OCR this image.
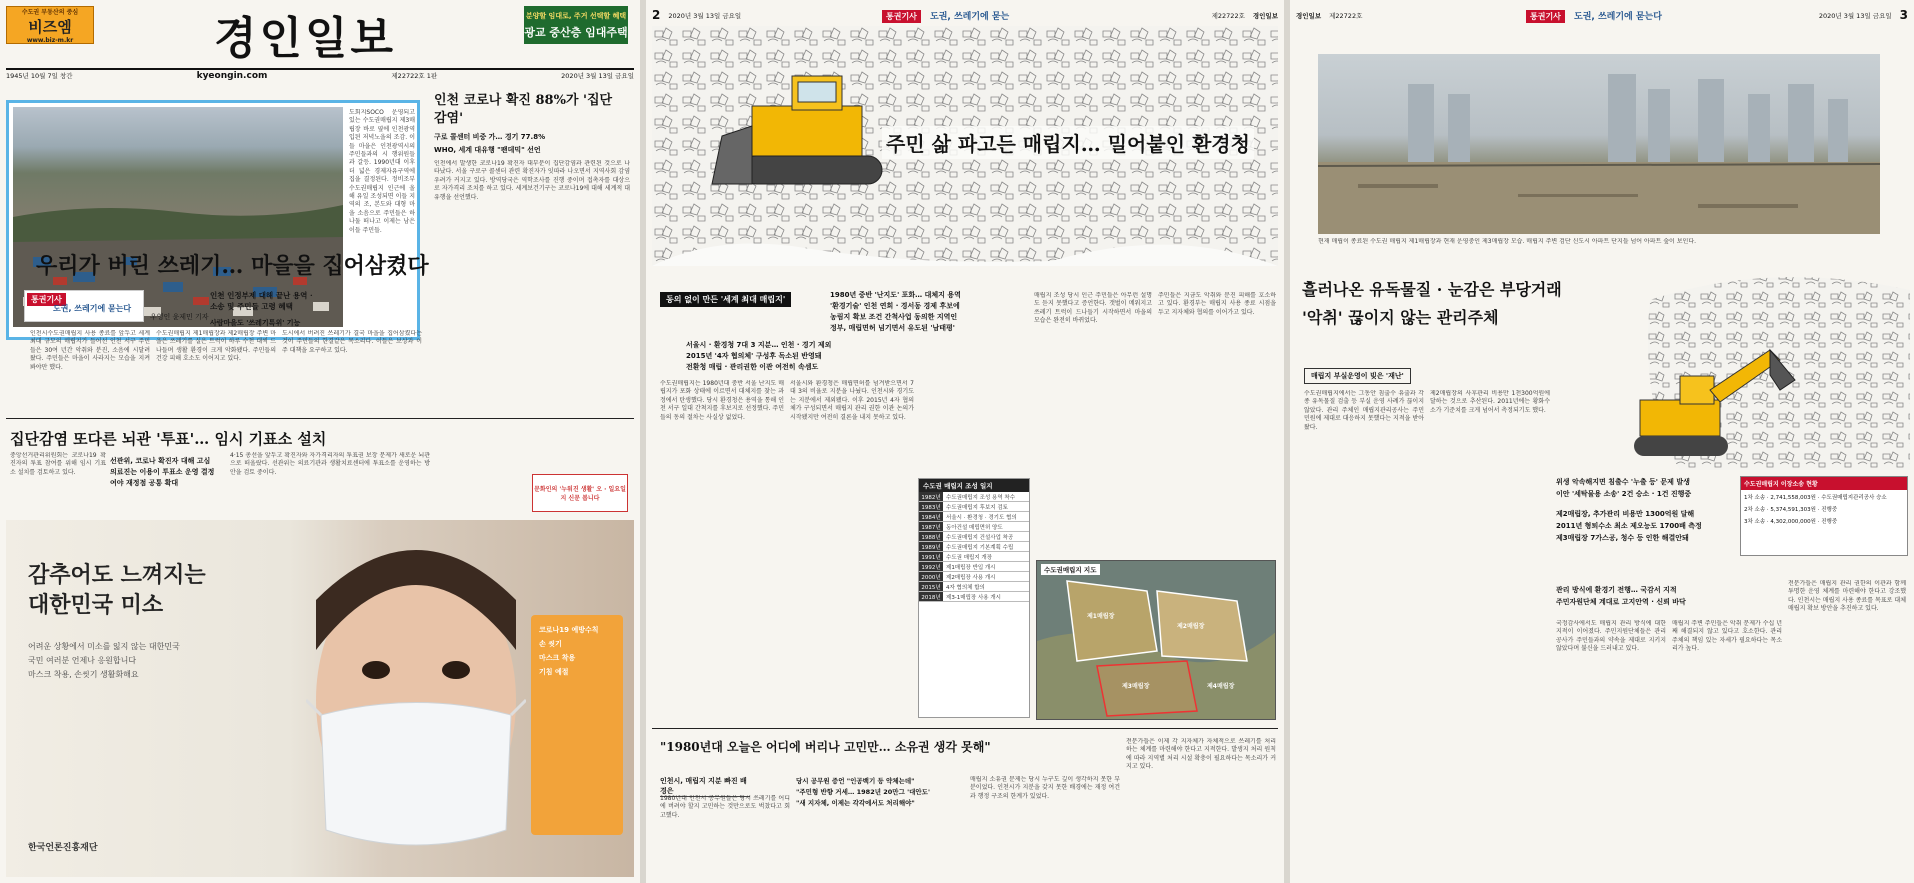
수도권 부동산의 중심
비즈엠
www.biz-m.kr	경인일보	분양할 임대로, 주거 선택할 혜택
광교 중산층 임대주택
1945년 10월 7일 창간	kyeongin.com	제22722호 1판	2020년 3월 13일 금요일
도회지SOCO 운영되고 있는 수도권매립지 제3매립장 바로 옆에 인천광역 입된 저녁노을의 조감. 이들 마을은 인천광역시의 주민들과의 시 행위원들과 갈등. 1990년대 이후 더 넓은 경제자유구역에 집을 결정된다. 정비조부 수도권매립지 인근에 올해 유일 조성되면 이들 지역의 조, 본도와 대형 마을 소음으로 주민들은 하나둘 떠나고 이제는 남은 이들 주민들.
우리가 버린 쓰레기… 마을을 집어삼켰다
통권기사
도권, 쓰레기에 묻는다
우영인 윤제민 기자
인천시수도권매립지 사용 종료를 앞두고 세계 최대 규모의 매립지가 들어선 인천 서구 주민들은 30여 년간 악취와 분진, 소음에 시달려 왔다. 주민들은 마을이 사라지는 모습을 지켜봐야만 했다.
수도권매립지 제1매립장과 제2매립장 주변 마을은 쓰레기를 실은 트럭이 하루 수천 대씩 드나들며 생활 환경이 크게 악화됐다. 주민들의 건강 피해 호소도 이어지고 있다.
도시에서 버려진 쓰레기가 결국 마을을 집어삼켰다는 것이 주민들의 한결같은 목소리다. 이들은 보상과 이주 대책을 요구하고 있다.
인천 코로나 확진 88%가 '집단감염'
구로 콜센터 비중 가… 경기 77.8%
WHO, 세계 대유행 "팬데믹" 선언
인천에서 발생한 코로나19 확진자 대부분이 집단감염과 관련된 것으로 나타났다. 서울 구로구 콜센터 관련 확진자가 잇따라 나오면서 지역사회 감염 우려가 커지고 있다. 방역당국은 역학조사를 진행 중이며 접촉자를 대상으로 자가격리 조치를 하고 있다. 세계보건기구는 코로나19에 대해 세계적 대유행을 선언했다.
인천 인정부제 대해 끝난 용역 · 소송 및 주민들 고령 혜택
사람마을도 '쓰레기특위' 기능
집단감염 또다른 뇌관 '투표'… 임시 기표소 설치
선관위, 코로나 확진자 대해 고심
의료진는 이용이 투표소 운영 결정
여야 재정점 공통 확대
중앙선거관리위원회는 코로나19 확진자의 투표 참여를 위해 임시 기표소 설치를 검토하고 있다.
4·15 총선을 앞두고 확진자와 자가격리자의 투표권 보장 문제가 새로운 뇌관으로 떠올랐다. 선관위는 의료기관과 생활치료센터에 투표소를 운영하는 방안을 검토 중이다.
문화인의 '누워진 생활' 오 · 일요일지 신문 봅니다
감추어도 느껴지는
대한민국 미소
어려운 상황에서 미소를 잃지 않는 대한민국
국민 여러분 언제나 응원합니다
마스크 착용, 손씻기 생활화해요
한국언론진흥재단
코로나19 예방수칙
손 씻기
마스크 착용
기침 예절
2 2020년 3월 13일 금요일	제22722호 경인일보
통권기사 도권, 쓰레기에 묻는
주민 삶 파고든 매립지… 밀어붙인 환경청
동의 없이 만든 '세계 최대 매립지'	1980년 중반 '난지도' 포화… 대체지 용역
'환경기술' 인천 연희 · 경서동 경제 후보에
농림지 확보 조건 간척사업 동의한 지역인
정부, 매립면허 넘기면서 유도된 '남태평'
서울시 · 환경청 7대 3 지분… 인천 · 경기 제외
2015년 '4자 협의체' 구성후 독소된 반영돼
전환청 매립 · 관리권한 이관 여전히 속셈도
수도권매립지는 1980년대 중반 서울 난지도 매립지가 포화 상태에 이르면서 대체지를 찾는 과정에서 탄생했다. 당시 환경청은 용역을 통해 인천 서구 일대 간척지를 후보지로 선정했다. 주민들의 동의 절차는 사실상 없었다.
서울시와 환경청은 매립면허를 넘겨받으면서 7대 3의 비율로 지분을 나눴다. 인천시와 경기도는 지분에서 제외됐다. 이후 2015년 4자 협의체가 구성되면서 매립지 관리 권한 이관 논의가 시작됐지만 여전히 결론을 내지 못하고 있다.
매립지 조성 당시 인근 주민들은 아무런 설명도 듣지 못했다고 증언한다. 갯벌이 메워지고 쓰레기 트럭이 드나들기 시작하면서 마을의 모습은 완전히 바뀌었다.
주민들은 지금도 악취와 분진 피해를 호소하고 있다. 환경부는 매립지 사용 종료 시점을 두고 지자체와 협의를 이어가고 있다.
수도권 매립지 조성 일지
1982년 수도권매립지 조성 용역 착수
1983년 수도권매립지 후보지 검토
1984년 서울시 · 환경청 · 경기도 협의
1987년 동아건설 매립면허 양도
1988년 수도권매립지 건설사업 착공
1989년 수도권매립지 기본계획 수립
1991년 수도권 매립지 개장
1992년 제1매립장 반입 개시
2000년 제2매립장 사용 개시
2015년 4자 협의체 합의
2018년 제3-1매립장 사용 개시
수도권매립지 지도
제1매립장
제2매립장
제3매립장	제4매립장
"1980년대 오늘은 어디에 버리나 고민만… 소유권 생각 못해"
인천시, 매립지 지분 빠진 배경은
당시 공무원 증언 "인공백기 등 약체는데"
"주민형 반향 거세… 1982년 20만그 '대안도'
"새 지자체, 이제는 각각에서도 처리해야"
1980년대 인천시 공무원들은 당시 쓰레기를 어디에 버려야 할지 고민하는 것만으로도 벅찼다고 회고했다.
매립지 소유권 문제는 당시 누구도 깊이 생각하지 못한 부분이었다. 인천시가 지분을 갖지 못한 배경에는 재정 여건과 행정 구조의 한계가 있었다.
전문가들은 이제 각 지자체가 자체적으로 쓰레기를 처리하는 체계를 마련해야 한다고 지적한다. 발생지 처리 원칙에 따라 지역별 처리 시설 확충이 필요하다는 목소리가 커지고 있다.
경인일보 제22722호	2020년 3월 13일 금요일 3
통권기사 도권, 쓰레기에 묻는다
현재 매립이 종료된 수도권 매립지 제1매립장과 현재 운영중인 제3매립장 모습. 매립지 주변 검단 신도시 아파트 단지들 넘어 아파트 숲이 보인다.
흘러나온 유독물질 · 눈감은 부당거래
'악취' 끊이지 않는 관리주체
매립지 부실운영이 빚은 '재난'
수도권매립지에서는 그동안 침출수 유출과 각종 유독물질 검출 등 부실 운영 사례가 끊이지 않았다. 관리 주체인 매립지관리공사는 주민 민원에 제대로 대응하지 못했다는 지적을 받아 왔다.
제2매립장의 사후관리 비용만 1천300억원에 달하는 것으로 추산된다. 2011년에는 황화수소가 기준치를 크게 넘어서 측정되기도 했다.
위생 악속해지면 침출수 '누출 등' 문제 발생
이안 '세탁물용 소송' 2건 승소 · 1건 진행중
제2매립장, 추가관리 비용만 1300억원 달해
2011년 형퇴수소 최소 제오능도 1700배 측정
제3매립장 7가스공, 청수 등 인한 해결안돼
수도권매립지 이장소송 현황
1차 소송 · 2,741,558,003원 · 수도권매립지관리공사 승소
2차 소송 · 5,374,591,303원 · 진행중
3차 소송 · 4,302,000,000원 · 진행중
관리 방식에 환경기 전행… 국감서 지적
주민자원단체 계대로 고지안역 · 신뢰 바닥
국정감사에서도 매립지 관리 방식에 대한 지적이 이어졌다. 주민지원단체들은 관리공사가 주민들과의 약속을 제대로 지키지 않았다며 불신을 드러내고 있다.
매립지 주변 주민들은 악취 문제가 수십 년째 해결되지 않고 있다고 호소한다. 관리 주체의 책임 있는 자세가 필요하다는 목소리가 높다.
전문가들은 매립지 관리 권한의 이관과 함께 투명한 운영 체계를 마련해야 한다고 강조했다. 인천시는 매립지 사용 종료를 목표로 대체 매립지 확보 방안을 추진하고 있다.
